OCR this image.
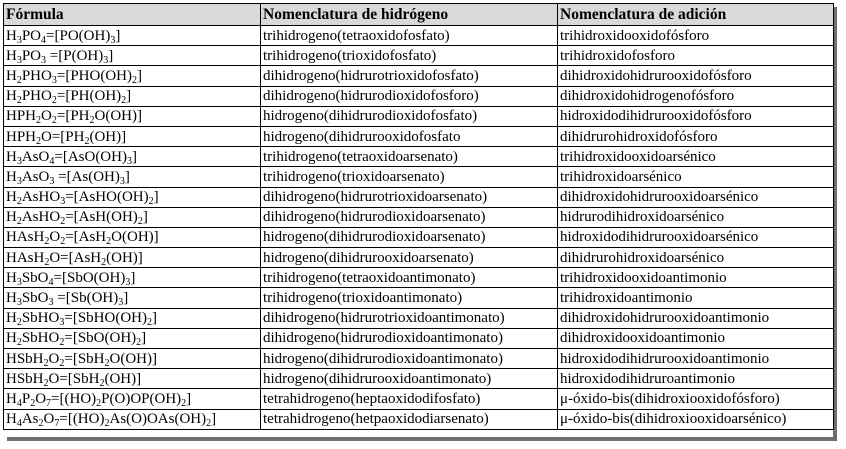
Fórmula	Nomenclatura de hidrógeno	Nomenclatura de adición
$H_3PO_4=[PO(OH)_3]$	trihidrogeno(tetraoxidofosfato)	trihidroxidooxidofósforo
$H_3PO_3 =[P(OH)_3]$	trihidrogeno(trioxidofosfato)	trihidroxidofosforo
$H_2PHO_3=[PHO(OH)_2]$	dihidrogeno(hidrurotrioxidofosfato)	dihidroxidohidrurooxidofósforo
$H_2PHO_2=[PH(OH)_2]$	dihidrogeno(hidrurodioxidofosforo)	dihidroxidohidrogenofósforo
$HPH_2O_2=[PH_2O(OH)]$	hidrogeno(dihidrurodioxidofosfato)	hidroxidodihidrurooxidofósforo
$HPH_2O=[PH_2(OH)]$	hidrogeno(dihidrurooxidofosfato	dihidrurohidroxidofósforo
$H_3AsO_4=[AsO(OH)_3]$	trihidrogeno(tetraoxidoarsenato)	trihidroxidooxidoarsénico
$H_3AsO_3 =[As(OH)_3]$	trihidrogeno(trioxidoarsenato)	trihidroxidoarsénico
$H_2AsHO_3=[AsHO(OH)_2]$	dihidrogeno(hidrurotrioxidoarsenato)	dihidroxidohidrurooxidoarsénico
$H_2AsHO_2=[AsH(OH)_2]$	dihidrogeno(hidrurodioxidoarsenato)	hidrurodihidroxidoarsénico
$HAsH_2O_2=[AsH_2O(OH)]$	hidrogeno(dihidrurodioxidoarsenato)	hidroxidodihidrurooxidoarsénico
HAsH$_2$O=[AsH$_2$(OH)]	hidrogeno(dihidrurooxidoarsenato)	dihidrurohidroxidoarsénico
$H_3SbO_4=[SbO(OH)_3]$	trihidrogeno(tetraoxidoantimonato)	trihidroxidooxidoantimonio
$H_3SbO_3 =[Sb(OH)_3]$	trihidrogeno(trioxidoantimonato)	trihidroxidoantimonio
$H_2SbHO_3=[SbHO(OH)_2]$	dihidrogeno(hidrurotrioxidoantimonato)	dihidroxidohidrurooxidoantimonio
$H_2SbHO_2=[SbO(OH)_2]$	dihidrogeno(hidrurodioxidoantimonato)	dihidroxidooxidoantimonio
$HSbH_2O_2=[SbH_2O(OH)]$	hidrogeno(dihidrurodioxidoantimonato)	hidroxidodihidrurooxidoantimonio
HSbH$_2$O=[SbH$_2$(OH)]	hidrogeno(dihidrurooxidoantimonato)	hidroxidodihidruroantimonio
$H_4P_2O_7=[(HO)_2P(O)OP(OH)_2]$	tetrahidrogeno(heptaoxidodifosfato)	μ-óxido-bis(dihidroxiooxidofósforo)
$H_4As_2O_7=[(HO)_2As(O)OAs(OH)_2]$	tetrahidrogeno(hetpaoxidodiarsenato)	μ-óxido-bis(dihidroxiooxidoarsénico)
